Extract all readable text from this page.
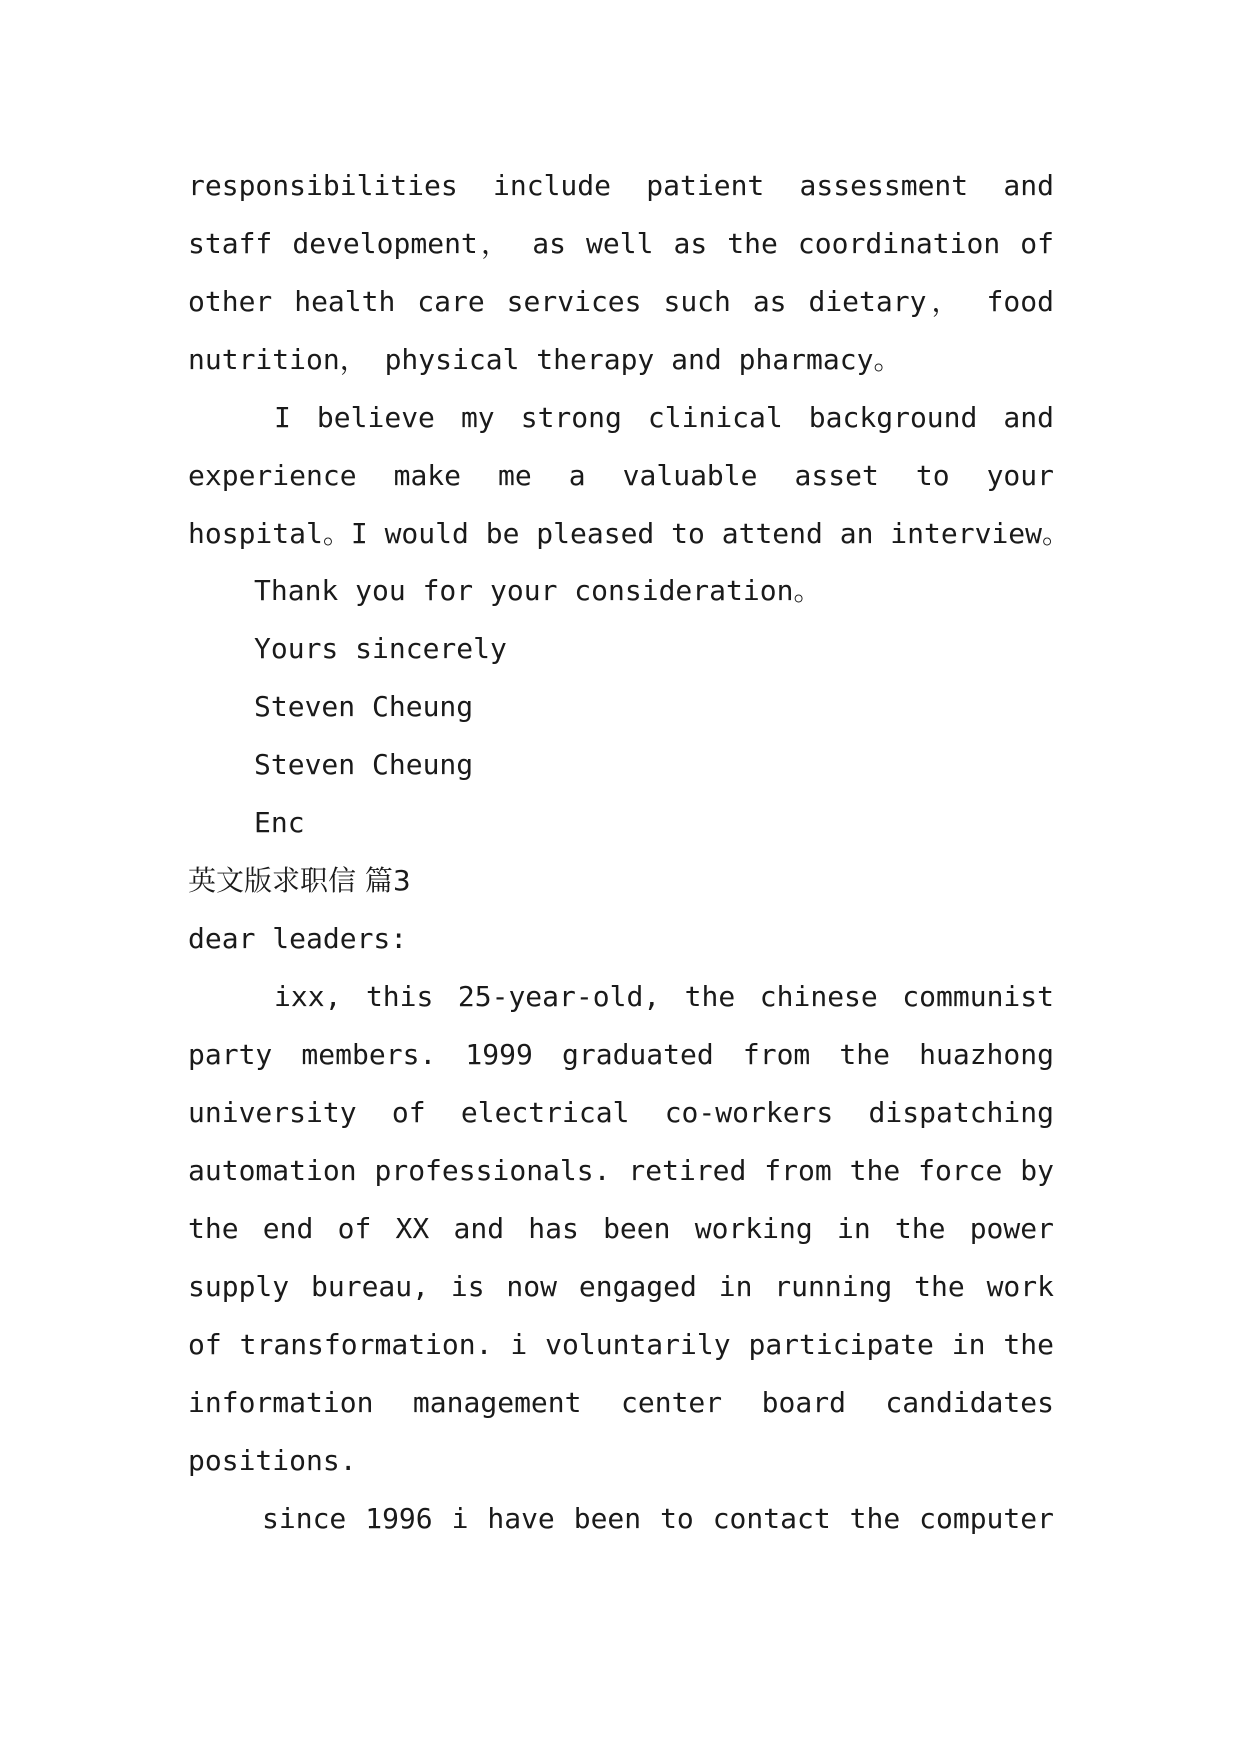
responsibilities include patient assessment and
staff development， as well as the coordination of
other health care services such as dietary， food
nutrition， physical therapy and pharmacy。
I believe my strong clinical background and
experience make me a valuable asset to your
hospital。I would be pleased to attend an interview。
Thank you for your consideration。
Yours sincerely
Steven Cheung
Steven Cheung
Enc
英文版求职信 篇3
dear leaders:
ixx, this 25-year-old, the chinese communist
party members. 1999 graduated from the huazhong
university of electrical co-workers dispatching
automation professionals. retired from the force by
the end of XX and has been working in the power
supply bureau, is now engaged in running the work
of transformation. i voluntarily participate in the
information management center board candidates
positions.
since 1996 i have been to contact the computer
